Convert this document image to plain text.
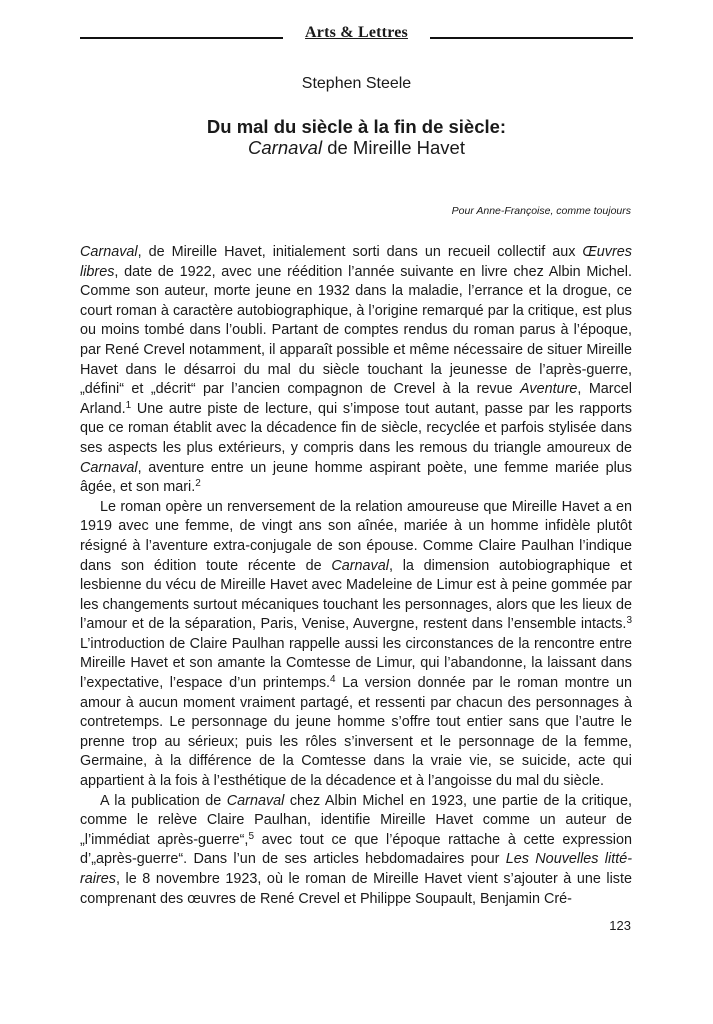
Arts & Lettres
Stephen Steele
Du mal du siècle à la fin de siècle:
Carnaval de Mireille Havet
Pour Anne-Françoise, comme toujours

Carnaval, de Mireille Havet, initialement sorti dans un recueil collectif aux Œuvres libres, date de 1922, avec une réédition l’année suivante en livre chez Albin Michel. Comme son auteur, morte jeune en 1932 dans la maladie, l’errance et la drogue, ce court roman à caractère autobiographique, à l’origine remarqué par la critique, est plus ou moins tombé dans l’oubli. Partant de comptes rendus du roman parus à l’époque, par René Crevel notamment, il apparaît possible et même nécessaire de situer Mireille Havet dans le désarroi du mal du siècle touchant la jeunesse de l’après-guerre, „défini“ et „décrit“ par l’ancien compagnon de Crevel à la revue Aventure, Marcel Arland.$^1$ Une autre piste de lecture, qui s’impose tout autant, passe par les rapports que ce roman établit avec la décadence fin de siècle, recyclée et parfois stylisée dans ses aspects les plus extérieurs, y compris dans les remous du triangle amoureux de Carnaval, aventure entre un jeune homme aspirant poète, une femme mariée plus âgée, et son mari.$^2$

Le roman opère un renversement de la relation amoureuse que Mireille Havet a en 1919 avec une femme, de vingt ans son aînée, mariée à un homme infidèle plutôt résigné à l’aventure extra-conjugale de son épouse. Comme Claire Paulhan l’indique dans son édition toute récente de Carnaval, la dimension autobiographique et lesbienne du vécu de Mireille Havet avec Madeleine de Limur est à peine gommée par les changements surtout mécaniques touchant les personnages, alors que les lieux de l’amour et de la séparation, Paris, Venise, Auvergne, restent dans l’ensemble intacts.$^3$ L’introduction de Claire Paulhan rappelle aussi les circonstances de la rencontre entre Mireille Havet et son amante la Comtesse de Limur, qui l’abandonne, la laissant dans l’expectative, l’espace d’un printemps.$^4$ La version donnée par le roman montre un amour à aucun moment vraiment partagé, et ressenti par chacun des personnages à contretemps. Le personnage du jeune homme s’offre tout entier sans que l’autre le prenne trop au sérieux; puis les rôles s’inversent et le personnage de la femme, Germaine, à la différence de la Comtesse dans la vraie vie, se suicide, acte qui appartient à la fois à l’esthétique de la décadence et à l’angoisse du mal du siècle.

A la publication de Carnaval chez Albin Michel en 1923, une partie de la critique, comme le relève Claire Paulhan, identifie Mireille Havet comme un auteur de „l’immédiat après-guerre“,$^5$ avec tout ce que l’époque rattache à cette expression d’„après-guerre“. Dans l’un de ses articles hebdomadaires pour Les Nouvelles littéraires, le 8 novembre 1923, où le roman de Mireille Havet vient s’ajouter à une liste comprenant des œuvres de René Crevel et Philippe Soupault, Benjamin Cré-

123
